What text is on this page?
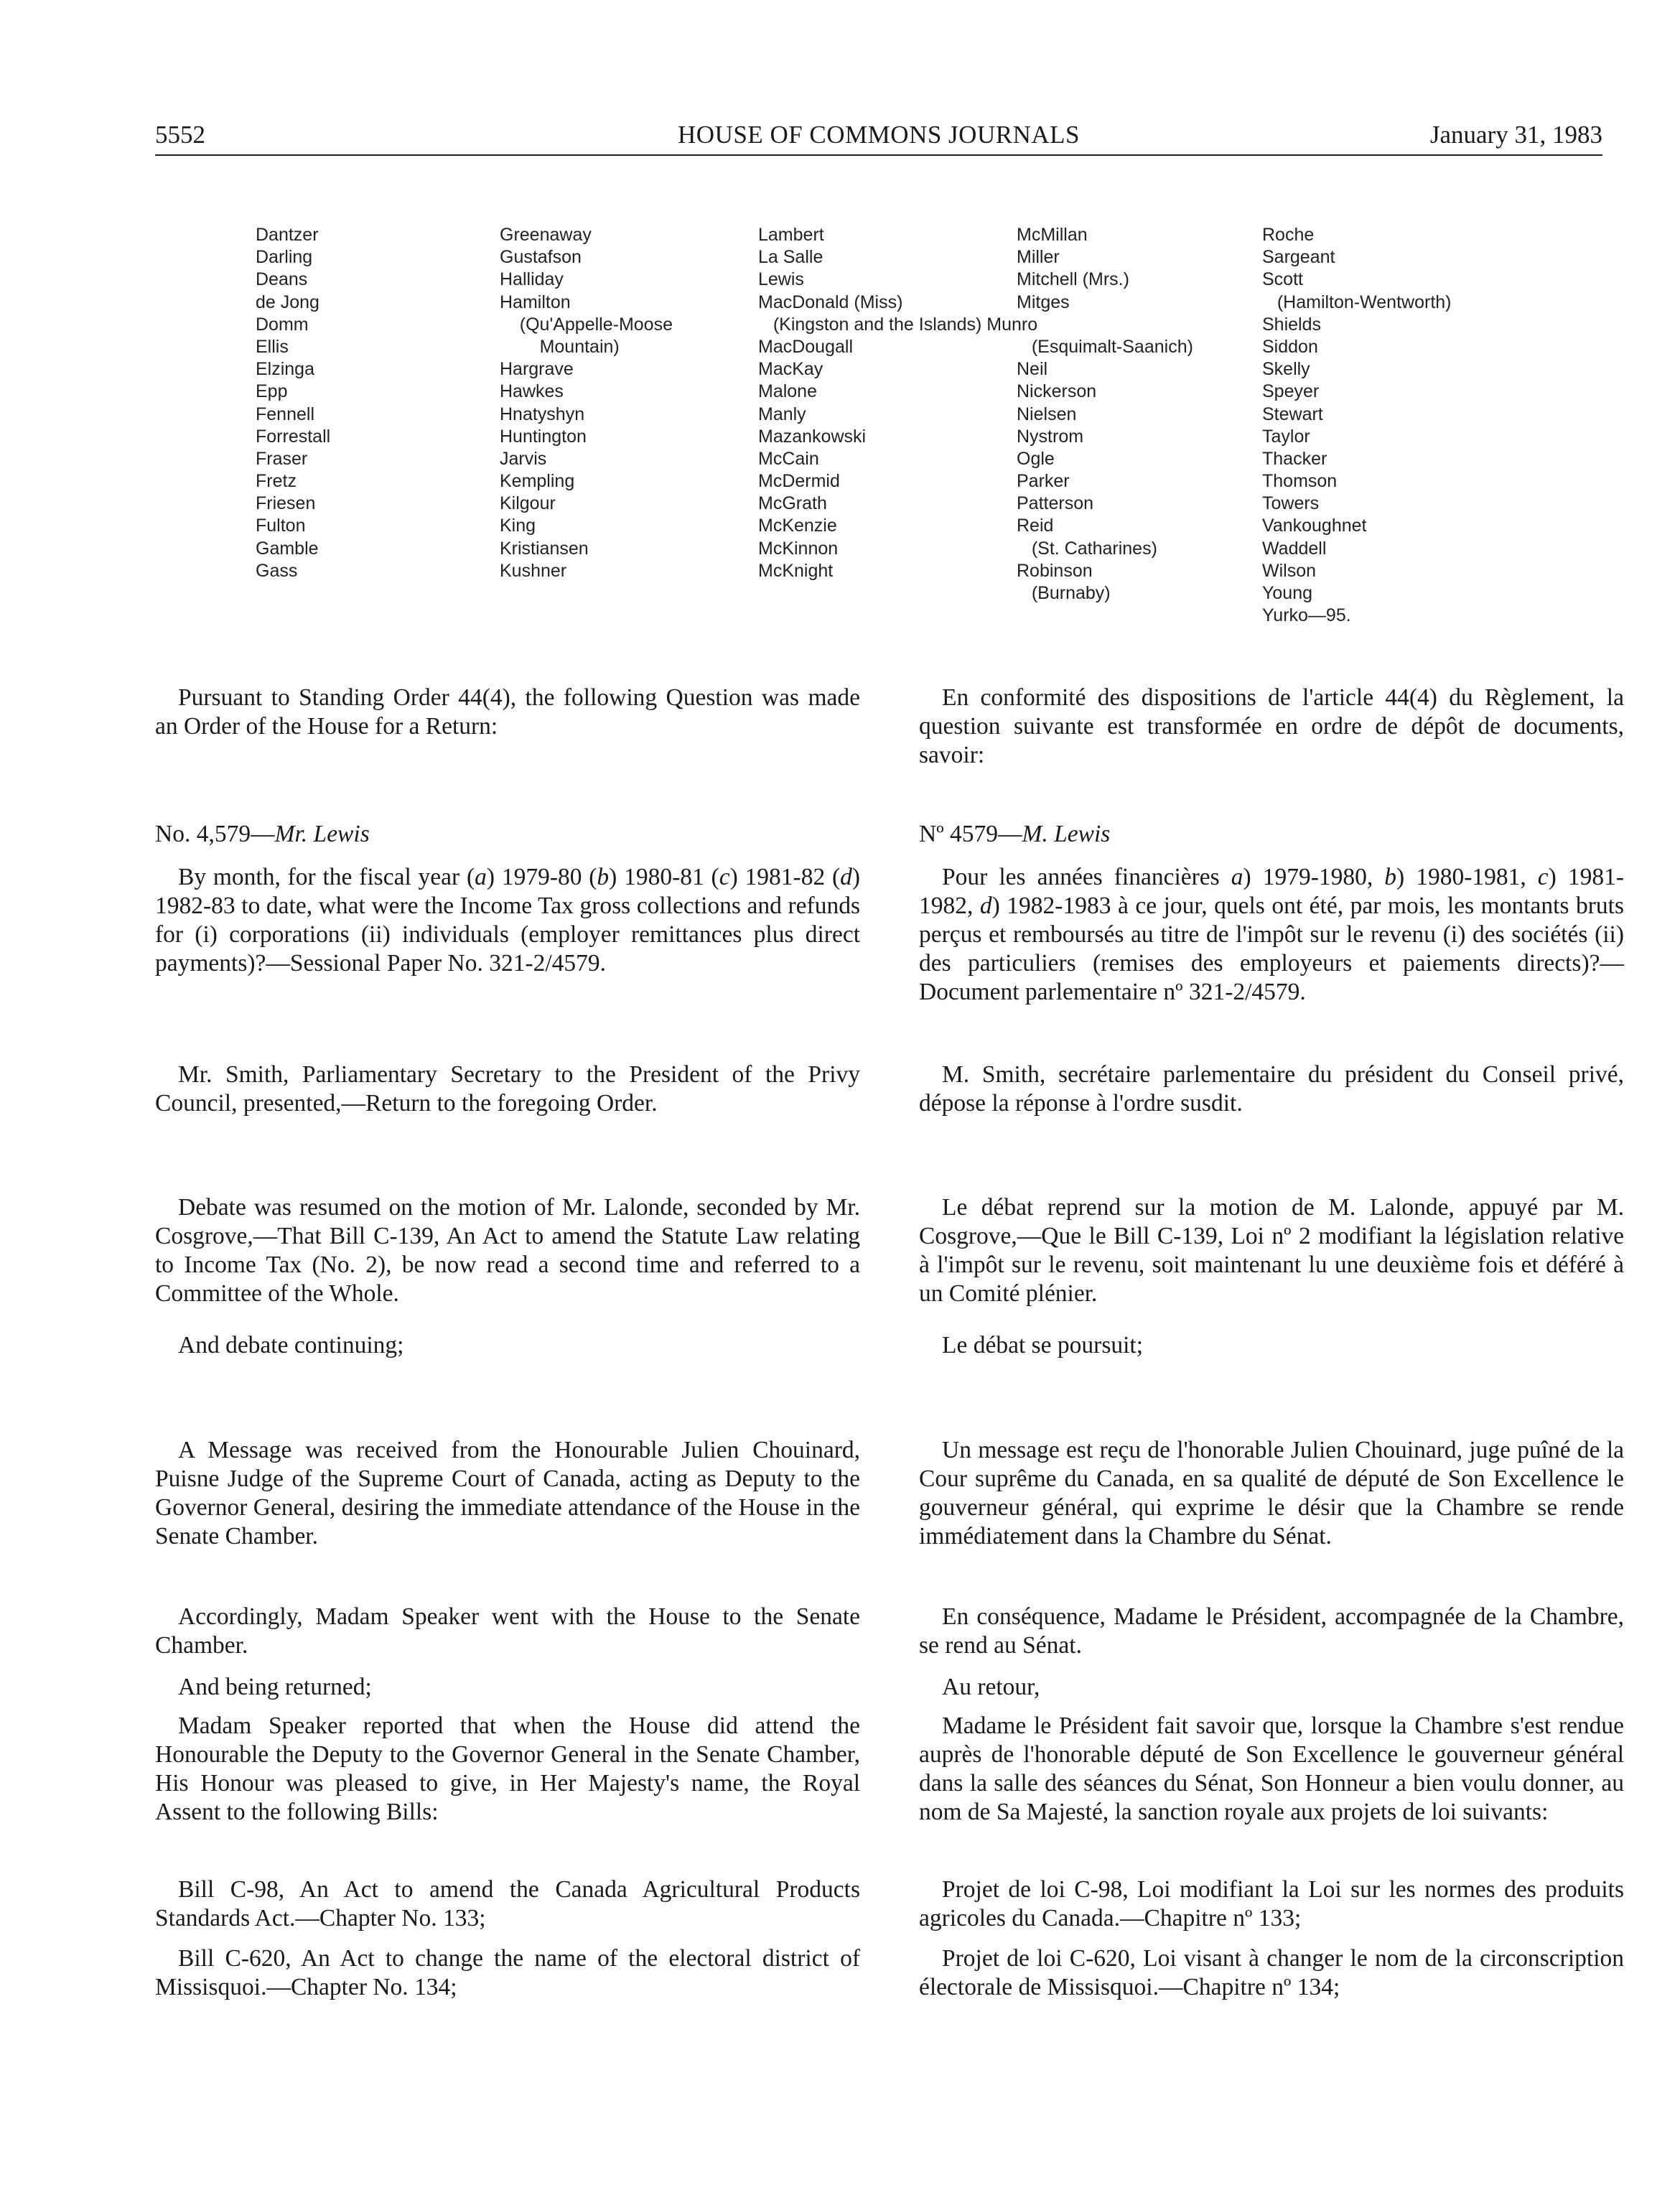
5552	HOUSE OF COMMONS JOURNALS	January 31, 1983
Dantzer
Darling
Deans
de Jong
Domm
Ellis
Elzinga
Epp
Fennell
Forrestall
Fraser
Fretz
Friesen
Fulton
Gamble
Gass
Greenaway
Gustafson
Halliday
Hamilton
(Qu'Appelle-Moose
Mountain)
Hargrave
Hawkes
Hnatyshyn
Huntington
Jarvis
Kempling
Kilgour
King
Kristiansen
Kushner
Lambert
La Salle
Lewis
MacDonald (Miss)
(Kingston and the Islands) Munro
MacDougall
MacKay
Malone
Manly
Mazankowski
McCain
McDermid
McGrath
McKenzie
McKinnon
McKnight
McMillan
Miller
Mitchell (Mrs.)
Mitges
(Esquimalt-Saanich)
Neil
Nickerson
Nielsen
Nystrom
Ogle
Parker
Patterson
Reid
(St. Catharines)
Robinson
(Burnaby)
Roche
Sargeant
Scott
(Hamilton-Wentworth)
Shields
Siddon
Skelly
Speyer
Stewart
Taylor
Thacker
Thomson
Towers
Vankoughnet
Waddell
Wilson
Young
Yurko—95.

Pursuant to Standing Order 44(4), the following Question was made an Order of the House for a Return:

No. 4,579—Mr. Lewis

By month, for the fiscal year (a) 1979-80 (b) 1980-81 (c) 1981-82 (d) 1982-83 to date, what were the Income Tax gross collections and refunds for (i) corporations (ii) individuals (employer remittances plus direct payments)?—Sessional Paper No. 321-2/4579.

Mr. Smith, Parliamentary Secretary to the President of the Privy Council, presented,—Return to the foregoing Order.

Debate was resumed on the motion of Mr. Lalonde, seconded by Mr. Cosgrove,—That Bill C-139, An Act to amend the Statute Law relating to Income Tax (No. 2), be now read a second time and referred to a Committee of the Whole.

And debate continuing;

A Message was received from the Honourable Julien Chouinard, Puisne Judge of the Supreme Court of Canada, acting as Deputy to the Governor General, desiring the immediate attendance of the House in the Senate Chamber.

Accordingly, Madam Speaker went with the House to the Senate Chamber.

And being returned;

Madam Speaker reported that when the House did attend the Honourable the Deputy to the Governor General in the Senate Chamber, His Honour was pleased to give, in Her Majesty's name, the Royal Assent to the following Bills:

Bill C-98, An Act to amend the Canada Agricultural Products Standards Act.—Chapter No. 133;

Bill C-620, An Act to change the name of the electoral district of Missisquoi.—Chapter No. 134;

En conformité des dispositions de l'article 44(4) du Règlement, la question suivante est transformée en ordre de dépôt de documents, savoir:

Nº 4579—M. Lewis

Pour les années financières a) 1979-1980, b) 1980-1981, c) 1981-1982, d) 1982-1983 à ce jour, quels ont été, par mois, les montants bruts perçus et remboursés au titre de l'impôt sur le revenu (i) des sociétés (ii) des particuliers (remises des employeurs et paiements directs)?—Document parlementaire nº 321-2/4579.

M. Smith, secrétaire parlementaire du président du Conseil privé, dépose la réponse à l'ordre susdit.

Le débat reprend sur la motion de M. Lalonde, appuyé par M. Cosgrove,—Que le Bill C-139, Loi nº 2 modifiant la législation relative à l'impôt sur le revenu, soit maintenant lu une deuxième fois et déféré à un Comité plénier.

Le débat se poursuit;

Un message est reçu de l'honorable Julien Chouinard, juge puîné de la Cour suprême du Canada, en sa qualité de député de Son Excellence le gouverneur général, qui exprime le désir que la Chambre se rende immédiatement dans la Chambre du Sénat.

En conséquence, Madame le Président, accompagnée de la Chambre, se rend au Sénat.

Au retour,

Madame le Président fait savoir que, lorsque la Chambre s'est rendue auprès de l'honorable député de Son Excellence le gouverneur général dans la salle des séances du Sénat, Son Honneur a bien voulu donner, au nom de Sa Majesté, la sanction royale aux projets de loi suivants:

Projet de loi C-98, Loi modifiant la Loi sur les normes des produits agricoles du Canada.—Chapitre nº 133;

Projet de loi C-620, Loi visant à changer le nom de la circonscription électorale de Missisquoi.—Chapitre nº 134;
